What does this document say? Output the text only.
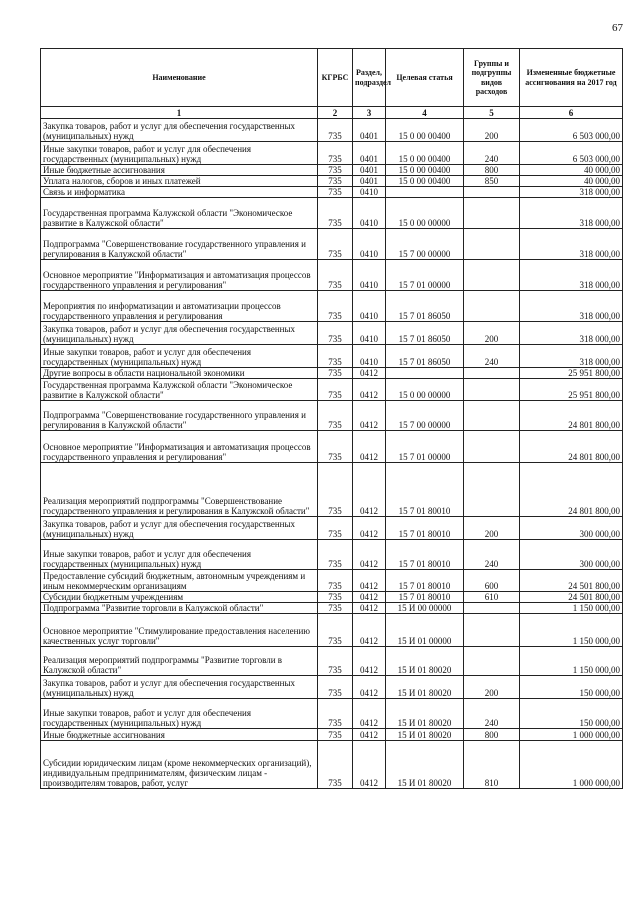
67
Наименование	КГРБС	Раздел, подраздел	Целевая статья	Группы и подгруппы видов расходов	Измененные бюджетные ассигнования на 2017 год
1	2	3	4	5	6
Закупка товаров, работ и услуг для обеспечения государственных (муниципальных) нужд	735	0401	15 0 00 00400	200	6 503 000,00
Иные закупки товаров, работ и услуг для обеспечения государственных (муниципальных) нужд	735	0401	15 0 00 00400	240	6 503 000,00
Иные бюджетные ассигнования	735	0401	15 0 00 00400	800	40 000,00
Уплата налогов, сборов и иных платежей	735	0401	15 0 00 00400	850	40 000,00
Связь и информатика	735	0410			318 000,00
Государственная программа Калужской области "Экономическое развитие в Калужской области"	735	0410	15 0 00 00000		318 000,00
Подпрограмма "Совершенствование государственного управления и регулирования в Калужской области"	735	0410	15 7 00 00000		318 000,00
Основное мероприятие "Информатизация и автоматизация процессов государственного управления и регулирования"	735	0410	15 7 01 00000		318 000,00
Мероприятия по информатизации и автоматизации процессов государственного управления и регулирования	735	0410	15 7 01 86050		318 000,00
Закупка товаров, работ и услуг для обеспечения государственных (муниципальных) нужд	735	0410	15 7 01 86050	200	318 000,00
Иные закупки товаров, работ и услуг для обеспечения государственных (муниципальных) нужд	735	0410	15 7 01 86050	240	318 000,00
Другие вопросы в области национальной экономики	735	0412			25 951 800,00
Государственная программа Калужской области "Экономическое развитие в Калужской области"	735	0412	15 0 00 00000		25 951 800,00
Подпрограмма "Совершенствование государственного управления и регулирования в Калужской области"	735	0412	15 7 00 00000		24 801 800,00
Основное мероприятие "Информатизация и автоматизация процессов государственного управления и регулирования"	735	0412	15 7 01 00000		24 801 800,00
Реализация мероприятий подпрограммы "Совершенствование государственного управления и регулирования в Калужской области"	735	0412	15 7 01 80010		24 801 800,00
Закупка товаров, работ и услуг для обеспечения государственных (муниципальных) нужд	735	0412	15 7 01 80010	200	300 000,00
Иные закупки товаров, работ и услуг для обеспечения государственных (муниципальных) нужд	735	0412	15 7 01 80010	240	300 000,00
Предоставление субсидий бюджетным, автономным учреждениям и иным некоммерческим организациям	735	0412	15 7 01 80010	600	24 501 800,00
Субсидии бюджетным учреждениям	735	0412	15 7 01 80010	610	24 501 800,00
Подпрограмма "Развитие торговли в Калужской области"	735	0412	15 И 00 00000		1 150 000,00
Основное мероприятие "Стимулирование предоставления населению качественных услуг торговли"	735	0412	15 И 01 00000		1 150 000,00
Реализация мероприятий подпрограммы "Развитие торговли в Калужской области"	735	0412	15 И 01 80020		1 150 000,00
Закупка товаров, работ и услуг для обеспечения государственных (муниципальных) нужд	735	0412	15 И 01 80020	200	150 000,00
Иные закупки товаров, работ и услуг для обеспечения государственных (муниципальных) нужд	735	0412	15 И 01 80020	240	150 000,00
Иные бюджетные ассигнования	735	0412	15 И 01 80020	800	1 000 000,00
Субсидии юридическим лицам (кроме некоммерческих организаций), индивидуальным предпринимателям, физическим лицам - производителям товаров, работ, услуг	735	0412	15 И 01 80020	810	1 000 000,00
